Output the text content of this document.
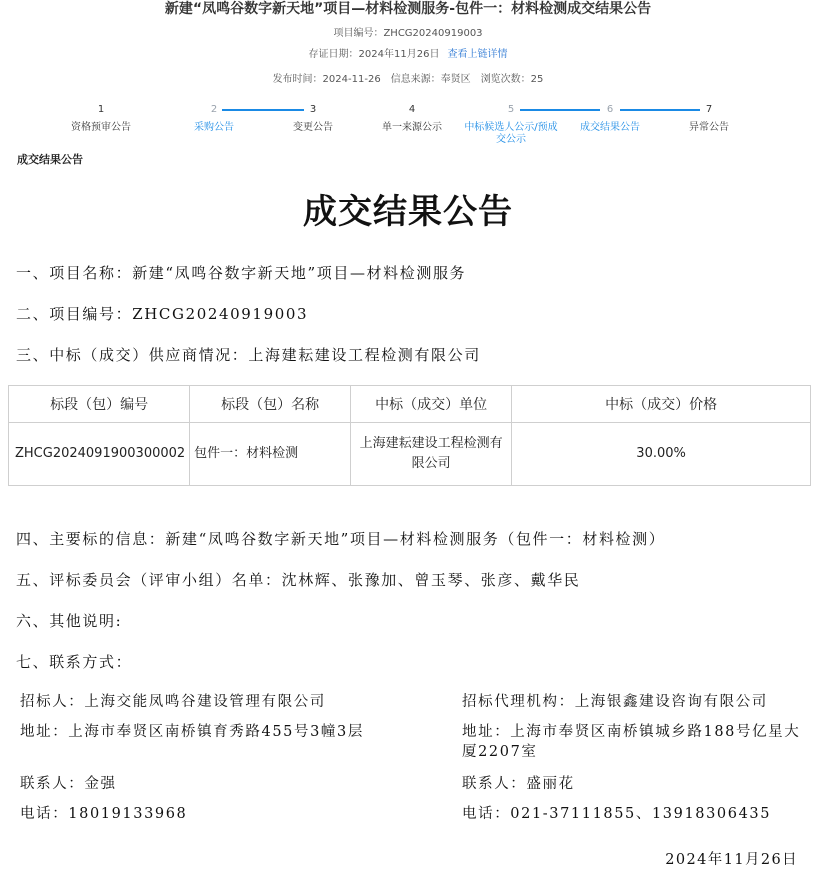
新建“凤鸣谷数字新天地”项目—材料检测服务-包件一：材料检测成交结果公告
项目编号：ZHCG20240919003
存证日期：2024年11月26日 查看上链详情
发布时间：2024-11-26 信息来源：奉贤区 浏览次数：25
1
资格预审公告
2
采购公告
3
变更公告
4
单一来源公示
5
中标候选人公示/预成交公示
6
成交结果公告
7
异常公告
成交结果公告
成交结果公告
一、项目名称：新建“凤鸣谷数字新天地”项目—材料检测服务
二、项目编号：ZHCG20240919003
三、中标（成交）供应商情况：上海建耘建设工程检测有限公司
标段（包）编号	标段（包）名称	中标（成交）单位	中标（成交）价格
ZHCG2024091900300002	包件一：材料检测	上海建耘建设工程检测有限公司	30.00%
四、主要标的信息：新建“凤鸣谷数字新天地”项目—材料检测服务（包件一：材料检测）
五、评标委员会（评审小组）名单：沈林辉、张豫加、曾玉琴、张彦、戴华民
六、其他说明:
七、联系方式：
招标人：上海交能凤鸣谷建设管理有限公司
地址：上海市奉贤区南桥镇育秀路455号3幢3层
联系人：金强
电话：18019133968
招标代理机构：上海银鑫建设咨询有限公司
地址：上海市奉贤区南桥镇城乡路188号亿星大厦2207室
联系人：盛丽花
电话：021-37111855、13918306435
2024年11月26日
